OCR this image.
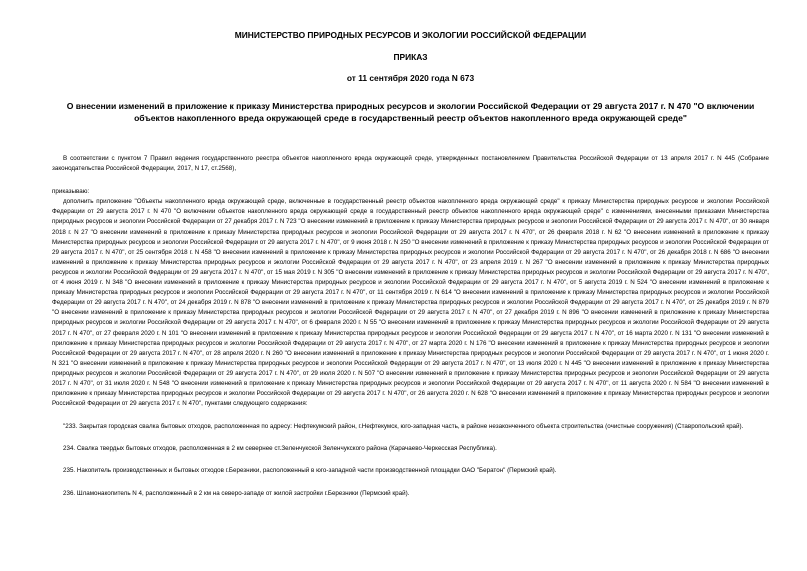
МИНИСТЕРСТВО ПРИРОДНЫХ РЕСУРСОВ И ЭКОЛОГИИ РОССИЙСКОЙ ФЕДЕРАЦИИ
ПРИКАЗ
от 11 сентября 2020 года N 673
О внесении изменений в приложение к приказу Министерства природных ресурсов и экологии Российской Федерации от 29 августа 2017 г. N 470 "О включении объектов накопленного вреда окружающей среде в государственный реестр объектов накопленного вреда окружающей среде"
В соответствии с пунктом 7 Правил ведения государственного реестра объектов накопленного вреда окружающей среде, утвержденных постановлением Правительства Российской Федерации от 13 апреля 2017 г. N 445 (Собрание законодательства Российской Федерации, 2017, N 17, ст.2568),
приказываю:
дополнить приложение "Объекты накопленного вреда окружающей среде, включенные в государственный реестр объектов накопленного вреда окружающей среде" к приказу Министерства природных ресурсов и экологии Российской Федерации от 29 августа 2017 г. N 470 "О включении объектов накопленного вреда окружающей среде в государственный реестр объектов накопленного вреда окружающей среде" с изменениями, внесенными приказами Министерства природных ресурсов и экологии Российской Федерации от 27 декабря 2017 г. N 723 "О внесении изменений в приложение к приказу Министерства природных ресурсов и экологии Российской Федерации от 29 августа 2017 г. N 470", от 30 января 2018 г. N 27 "О внесении изменений в приложение к приказу Министерства природных ресурсов и экологии Российской Федерации от 29 августа 2017 г. N 470", от 26 февраля 2018 г. N 62 "О внесении изменений в приложение к приказу Министерства природных ресурсов и экологии Российской Федерации от 29 августа 2017 г. N 470", от 9 июня 2018 г. N 250 "О внесении изменений в приложение к приказу Министерства природных ресурсов и экологии Российской Федерации от 29 августа 2017 г. N 470", от 25 сентября 2018 г. N 458 "О внесении изменений в приложение к приказу Министерства природных ресурсов и экологии Российской Федерации от 29 августа 2017 г. N 470", от 26 декабря 2018 г. N 686 "О внесении изменений в приложение к приказу Министерства природных ресурсов и экологии Российской Федерации от 29 августа 2017 г. N 470", от 23 апреля 2019 г. N 267 "О внесении изменений в приложение к приказу Министерства природных ресурсов и экологии Российской Федерации от 29 августа 2017 г. N 470", от 15 мая 2019 г. N 305 "О внесении изменений в приложение к приказу Министерства природных ресурсов и экологии Российской Федерации от 29 августа 2017 г. N 470", от 4 июня 2019 г. N 348 "О внесении изменений в приложение к приказу Министерства природных ресурсов и экологии Российской Федерации от 29 августа 2017 г. N 470", от 5 августа 2019 г. N 524 "О внесении изменений в приложение к приказу Министерства природных ресурсов и экологии Российской Федерации от 29 августа 2017 г. N 470", от 11 сентября 2019 г. N 614 "О внесении изменений в приложение к приказу Министерства природных ресурсов и экологии Российской Федерации от 29 августа 2017 г. N 470", от 24 декабря 2019 г. N 878 "О внесении изменений в приложение к приказу Министерства природных ресурсов и экологии Российской Федерации от 29 августа 2017 г. N 470", от 25 декабря 2019 г. N 879 "О внесении изменений в приложение к приказу Министерства природных ресурсов и экологии Российской Федерации от 29 августа 2017 г. N 470", от 27 декабря 2019 г. N 896 "О внесении изменений в приложение к приказу Министерства природных ресурсов и экологии Российской Федерации от 29 августа 2017 г. N 470", от 6 февраля 2020 г. N 55 "О внесении изменений в приложение к приказу Министерства природных ресурсов и экологии Российской Федерации от 29 августа 2017 г. N 470", от 27 февраля 2020 г. N 101 "О внесении изменений в приложение к приказу Министерства природных ресурсов и экологии Российской Федерации от 29 августа 2017 г. N 470", от 16 марта 2020 г. N 131 "О внесении изменений в приложение к приказу Министерства природных ресурсов и экологии Российской Федерации от 29 августа 2017 г. N 470", от 27 марта 2020 г. N 176 "О внесении изменений в приложение к приказу Министерства природных ресурсов и экологии Российской Федерации от 29 августа 2017 г. N 470", от 28 апреля 2020 г. N 260 "О внесении изменений в приложение к приказу Министерства природных ресурсов и экологии Российской Федерации от 29 августа 2017 г. N 470", от 1 июня 2020 г. N 321 "О внесении изменений в приложение к приказу Министерства природных ресурсов и экологии Российской Федерации от 29 августа 2017 г. N 470", от 13 июля 2020 г. N 445 "О внесении изменений в приложение к приказу Министерства природных ресурсов и экологии Российской Федерации от 29 августа 2017 г. N 470", от 29 июля 2020 г. N 507 "О внесении изменений в приложение к приказу Министерства природных ресурсов и экологии Российской Федерации от 29 августа 2017 г. N 470", от 31 июля 2020 г. N 548 "О внесении изменений в приложение к приказу Министерства природных ресурсов и экологии Российской Федерации от 29 августа 2017 г. N 470", от 11 августа 2020 г. N 584 "О внесении изменений в приложение к приказу Министерства природных ресурсов и экологии Российской Федерации от 29 августа 2017 г. N 470", от 26 августа 2020 г. N 628 "О внесении изменений в приложение к приказу Министерства природных ресурсов и экологии Российской Федерации от 29 августа 2017 г. N 470", пунктами следующего содержания:
"233. Закрытая городская свалка бытовых отходов, расположенная по адресу: Нефтекумский район, г.Нефтекумск, юго-западная часть, в районе незаконченного объекта строительства (очистные сооружения) (Ставропольский край).
234. Свалка твердых бытовых отходов, расположенная в 2 км севернее ст.Зеленчукской Зеленчукского района (Карачаево-Черкесская Республика).
235. Накопитель производственных и бытовых отходов г.Березники, расположенный в юго-западной части производственной площадки ОАО "Бератон" (Пермский край).
236. Шламонакопитель N 4, расположенный в 2 км на северо-западе от жилой застройки г.Березники (Пермский край).
